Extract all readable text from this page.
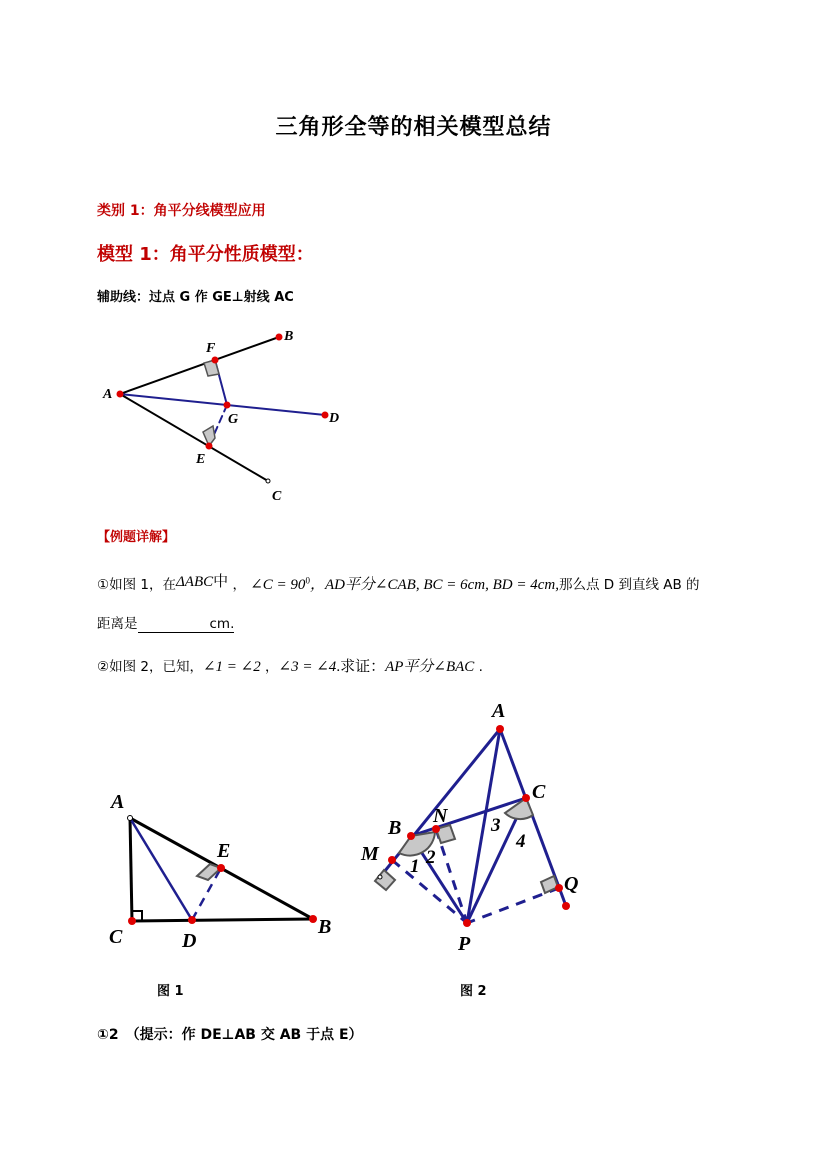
三角形全等的相关模型总结
类别 1：角平分线模型应用
模型 1：角平分性质模型：
辅助线：过点 G 作 GE⊥射线 AC
A
B
F
G	D
E
C
【例题详解】
①如图 1，在ΔABC中 ， ∠C = $90^0$，AD平分∠CAB, BC = 6cm, BD = 4cm,那么点 D 到直线 AB 的
距离是	cm.
②如图 2，已知，∠1 = ∠2 ，∠3 = ∠4.求证：AP平分∠BAC .
A
E
C	D
B
A
C
B
N
M
P
Q
1 2
3
4
图 1	图 2
①2　（提示：作 DE⊥AB 交 AB 于点 E）
